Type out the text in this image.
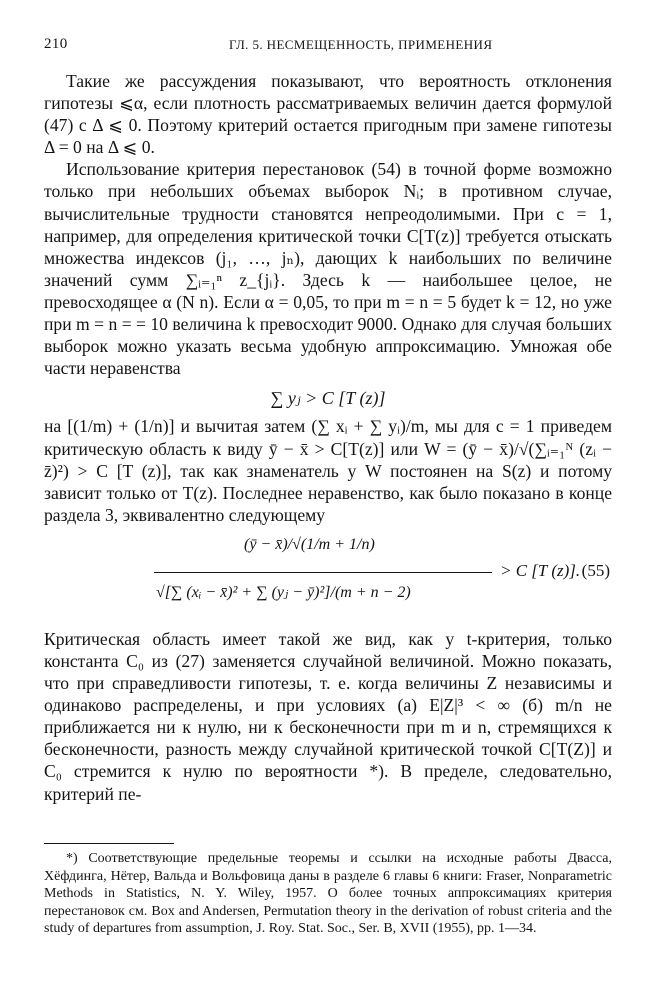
210	ГЛ. 5. НЕСМЕЩЕННОСТЬ, ПРИМЕНЕНИЯ

Такие же рассуждения показывают, что вероятность отклонения гипотезы ⩽α, если плотность рассматриваемых величин дается формулой (47) с Δ ⩽ 0. Поэтому критерий остается пригодным при замене гипотезы Δ = 0 на Δ ⩽ 0.

Использование критерия перестановок (54) в точной форме возможно только при небольших объемах выборок Nᵢ; в противном случае, вычислительные трудности становятся непреодолимыми. При c = 1, например, для определения критической точки C[T(z)] требуется отыскать множества индексов (j₁, …, jₙ), дающих k наибольших по величине значений сумм ∑ᵢ₌₁ⁿ z_{jᵢ}. Здесь k — наибольшее целое, не превосходящее α (N n). Если α = 0,05, то при m = n = 5 будет k = 12, но уже при m = n = = 10 величина k превосходит 9000. Однако для случая больших выборок можно указать весьма удобную аппроксимацию. Умножая обе части неравенства

∑ yⱼ > C [T (z)]

на [(1/m) + (1/n)] и вычитая затем (∑ xᵢ + ∑ yᵢ)/m, мы для c = 1 приведем критическую область к виду ȳ − x̄ > C[T(z)] или W = (ȳ − x̄)/√(∑ᵢ₌₁ᴺ (zᵢ − z̄)²) > C [T (z)], так как знаменатель у W постоянен на S(z) и потому зависит только от T(z). Последнее неравенство, как было показано в конце раздела 3, эквивалентно следующему

(ȳ − x̄)/√(1/m + 1/n)
√[∑ (xᵢ − x̄)² + ∑ (yⱼ − ȳ)²]/(m + n − 2)
> C [T (z)]. (55)

Критическая область имеет такой же вид, как у t-критерия, только константа C₀ из (27) заменяется случайной величиной. Можно показать, что при справедливости гипотезы, т. е. когда величины Z независимы и одинаково распределены, и при условиях (a) E|Z|³ < ∞ (б) m/n не приближается ни к нулю, ни к бесконечности при m и n, стремящихся к бесконечности, разность между случайной критической точкой C[T(Z)] и C₀ стремится к нулю по вероятности *). В пределе, следовательно, критерий пе-

*) Соответствующие предельные теоремы и ссылки на исходные работы Двасса, Хёфдинга, Нётер, Вальда и Вольфовица даны в разделе 6 главы 6 книги: Fraser, Nonparametric Methods in Statistics, N. Y. Wiley, 1957. О более точных аппроксимациях критерия перестановок см. Box and Andersen, Permutation theory in the derivation of robust criteria and the study of departures from assumption, J. Roy. Stat. Soc., Ser. B, XVII (1955), pp. 1—34.
